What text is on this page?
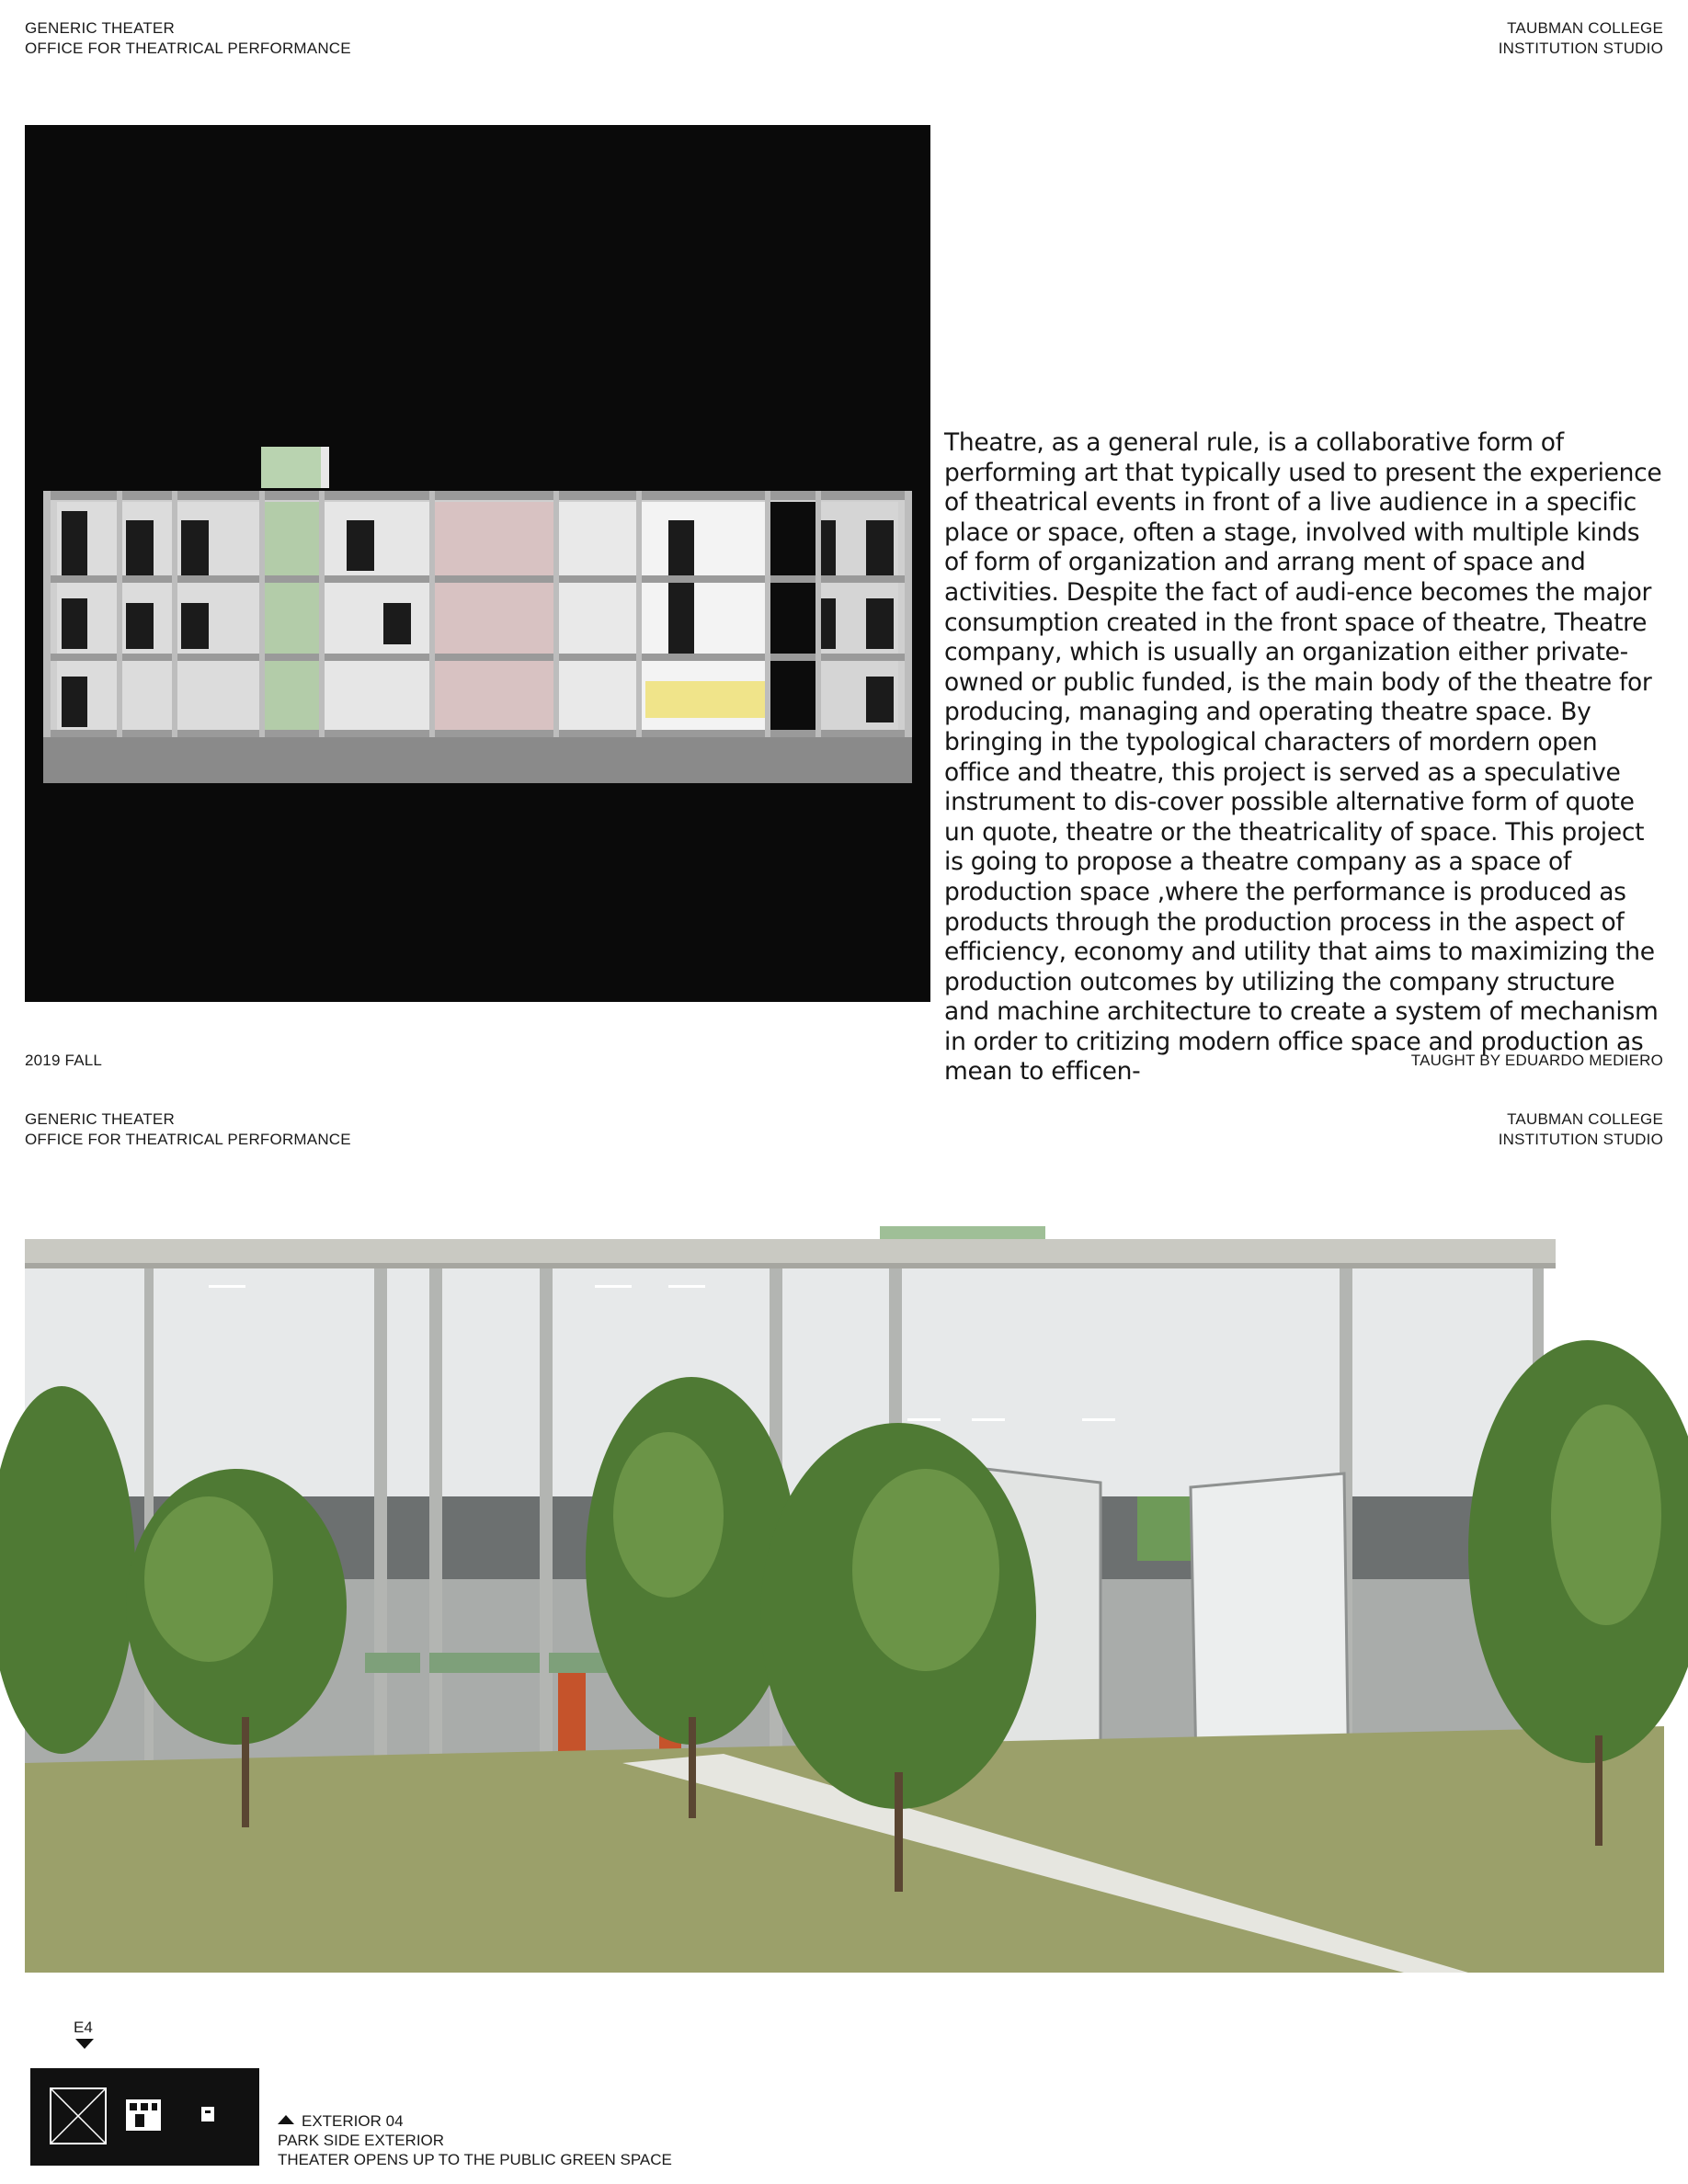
GENERIC THEATER
OFFICE FOR THEATRICAL PERFORMANCE
TAUBMAN COLLEGE
INSTITUTION STUDIO
Theatre, as a general rule, is a collaborative form of performing art that typically used to present the experience of theatrical events in front of a live audience in a specific place or space, often a stage, involved with multiple kinds of form of organization and arrang ment of space and activities. Despite the fact of audi-ence becomes the major consumption created in the front space of theatre, Theatre company, which is usually an organization either private-owned or public funded, is the main body of the theatre for producing, managing and operating theatre space. By bringing in the typological characters of mordern open office and theatre, this project is served as a speculative instrument to dis-cover possible alternative form of quote un quote, theatre or the theatricality of space. This project is going to propose a theatre company as a space of production space ,where the performance is produced as products through the production process in the aspect of efficiency, economy and utility that aims to maximizing the production outcomes by utilizing the company structure and machine architecture to create a system of mechanism in order to critizing modern office space and production as mean to efficen-
2019 FALL	TAUGHT BY EDUARDO MEDIERO
GENERIC THEATER
OFFICE FOR THEATRICAL PERFORMANCE
TAUBMAN COLLEGE
INSTITUTION STUDIO
E4
EXTERIOR 04
PARK SIDE EXTERIOR
THEATER OPENS UP TO THE PUBLIC GREEN SPACE
